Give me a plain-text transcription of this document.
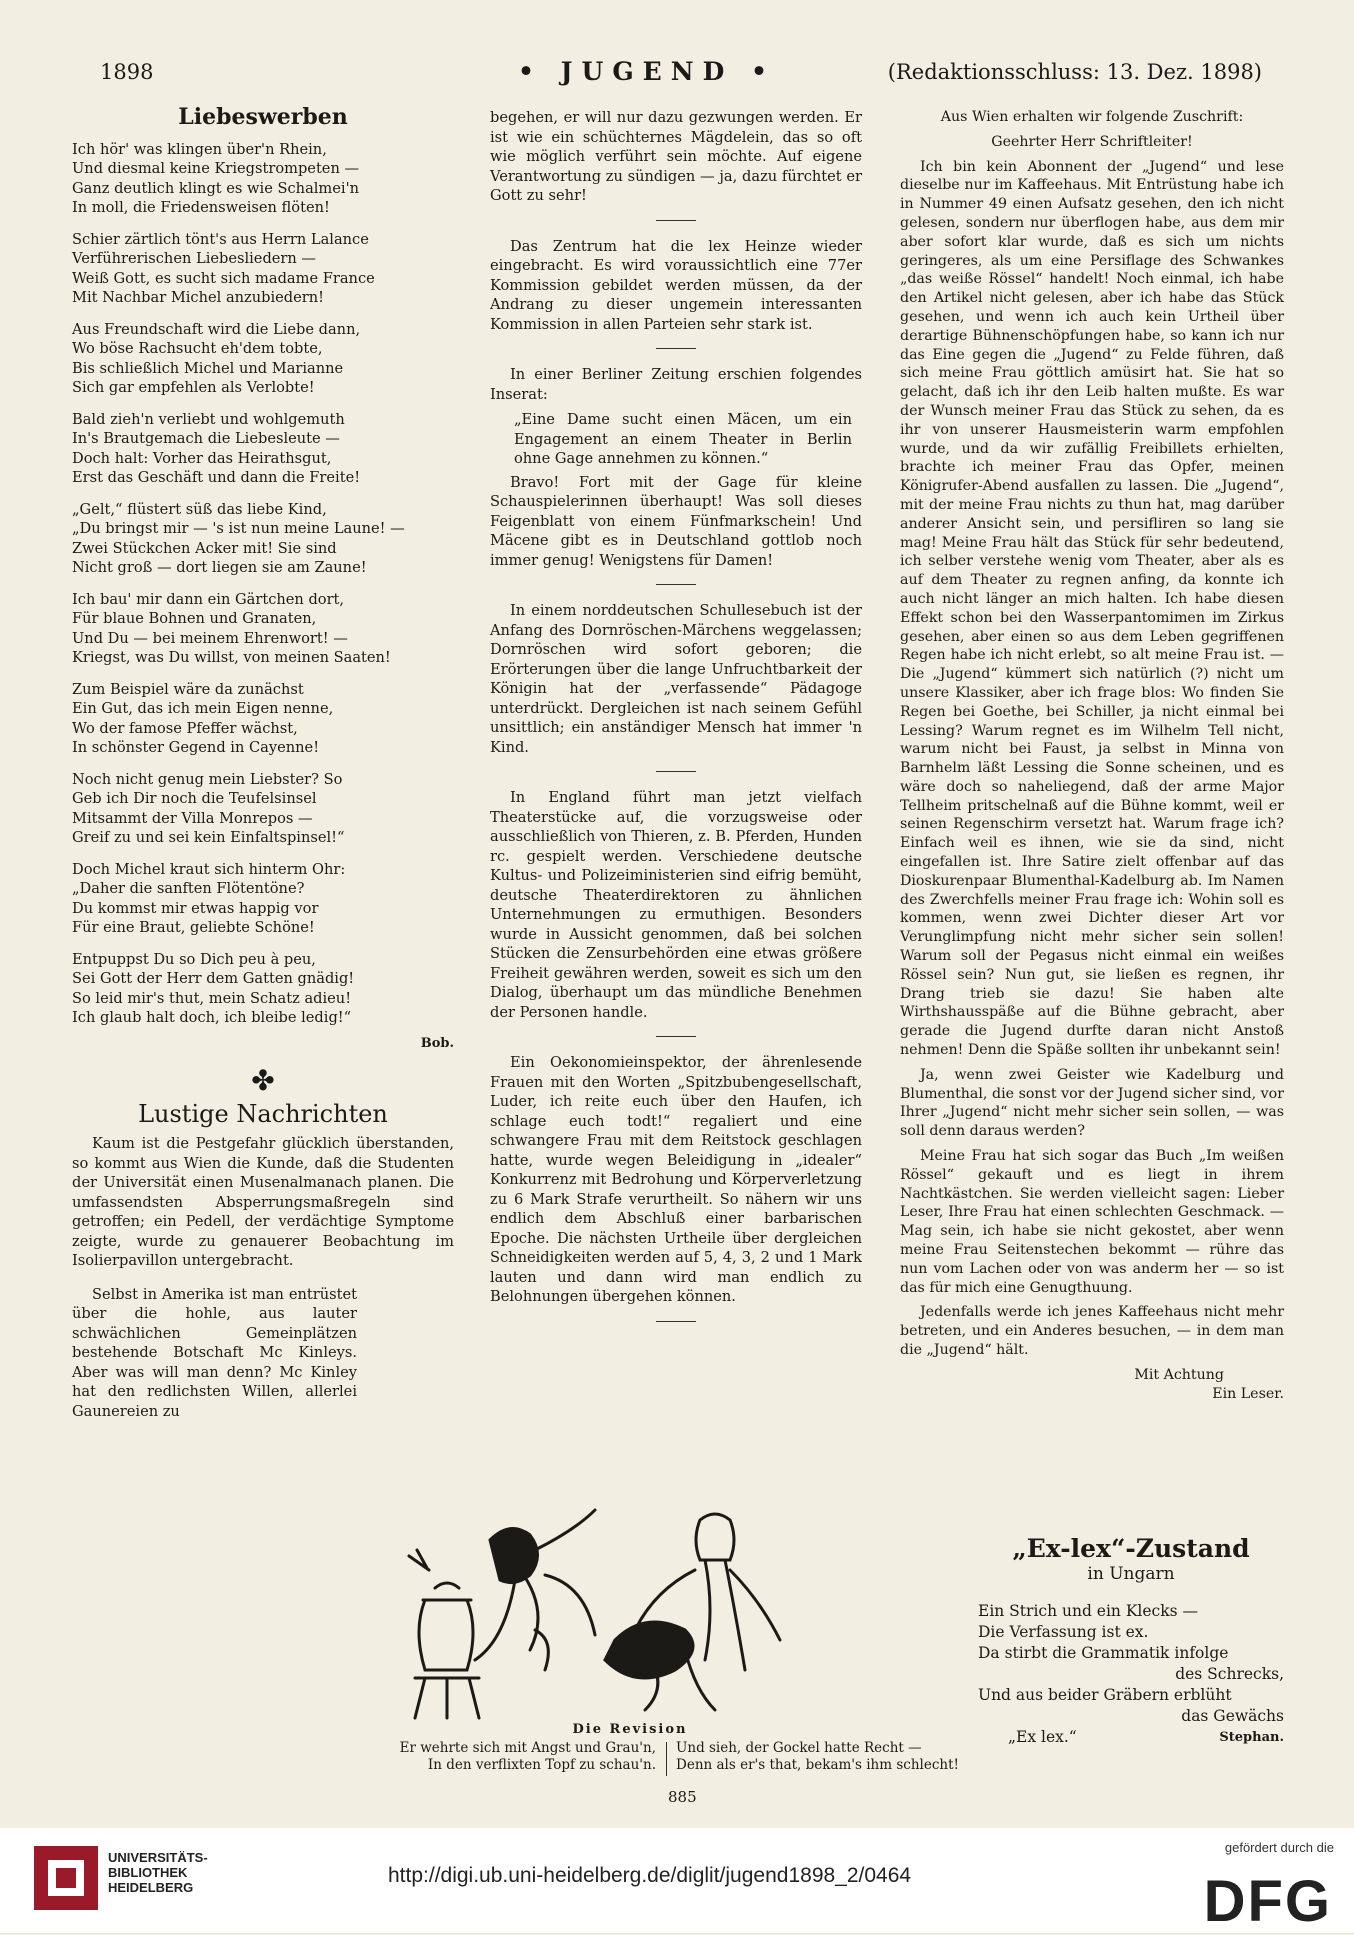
1898	• JUGEND •	(Redaktionsschluss: 13. Dez. 1898)
Liebeswerben
Ich hör' was klingen über'n Rhein,
Und diesmal keine Kriegstrompeten —
Ganz deutlich klingt es wie Schalmei'n
In moll, die Friedensweisen flöten!
Schier zärtlich tönt's aus Herrn Lalance
Verführerischen Liebesliedern —
Weiß Gott, es sucht sich madame France
Mit Nachbar Michel anzubiedern!
Aus Freundschaft wird die Liebe dann,
Wo böse Rachsucht eh'dem tobte,
Bis schließlich Michel und Marianne
Sich gar empfehlen als Verlobte!
Bald zieh'n verliebt und wohlgemuth
In's Brautgemach die Liebesleute —
Doch halt: Vorher das Heirathsgut,
Erst das Geschäft und dann die Freite!
„Gelt,“ flüstert süß das liebe Kind,
„Du bringst mir — 's ist nun meine Laune! —
Zwei Stückchen Acker mit! Sie sind
Nicht groß — dort liegen sie am Zaune!
Ich bau' mir dann ein Gärtchen dort,
Für blaue Bohnen und Granaten,
Und Du — bei meinem Ehrenwort! —
Kriegst, was Du willst, von meinen Saaten!
Zum Beispiel wäre da zunächst
Ein Gut, das ich mein Eigen nenne,
Wo der famose Pfeffer wächst,
In schönster Gegend in Cayenne!
Noch nicht genug mein Liebster? So
Geb ich Dir noch die Teufelsinsel
Mitsammt der Villa Monrepos —
Greif zu und sei kein Einfaltspinsel!“
Doch Michel kraut sich hinterm Ohr:
„Daher die sanften Flötentöne?
Du kommst mir etwas happig vor
Für eine Braut, geliebte Schöne!
Entpuppst Du so Dich peu à peu,
Sei Gott der Herr dem Gatten gnädig!
So leid mir's thut, mein Schatz adieu!
Ich glaub halt doch, ich bleibe ledig!“
Bob.
✤
Lustige Nachrichten

Kaum ist die Pestgefahr glücklich überstanden, so kommt aus Wien die Kunde, daß die Studenten der Universität einen Musenalmanach planen. Die umfassendsten Absperrungsmaßregeln sind getroffen; ein Pedell, der verdächtige Symptome zeigte, wurde zu genauerer Beobachtung im Isolierpavillon untergebracht.

Selbst in Amerika ist man entrüstet über die hohle, aus lauter schwächlichen Gemeinplätzen bestehende Botschaft Mc Kinleys. Aber was will man denn? Mc Kinley hat den redlichsten Willen, allerlei Gaunereien zu

begehen, er will nur dazu gezwungen werden. Er ist wie ein schüchternes Mägdelein, das so oft wie möglich verführt sein möchte. Auf eigene Verantwortung zu sündigen — ja, dazu fürchtet er Gott zu sehr!

Das Zentrum hat die lex Heinze wieder eingebracht. Es wird voraussichtlich eine 77er Kommission gebildet werden müssen, da der Andrang zu dieser ungemein interessanten Kommission in allen Parteien sehr stark ist.

In einer Berliner Zeitung erschien folgendes Inserat:

„Eine Dame sucht einen Mäcen, um ein Engagement an einem Theater in Berlin ohne Gage annehmen zu können.“

Bravo! Fort mit der Gage für kleine Schauspielerinnen überhaupt! Was soll dieses Feigenblatt von einem Fünfmarkschein! Und Mäcene gibt es in Deutschland gottlob noch immer genug! Wenigstens für Damen!

In einem norddeutschen Schullesebuch ist der Anfang des Dornröschen-Märchens weggelassen; Dornröschen wird sofort geboren; die Erörterungen über die lange Unfruchtbarkeit der Königin hat der „verfassende“ Pädagoge unterdrückt. Dergleichen ist nach seinem Gefühl unsittlich; ein anständiger Mensch hat immer 'n Kind.

In England führt man jetzt vielfach Theaterstücke auf, die vorzugsweise oder ausschließlich von Thieren, z. B. Pferden, Hunden rc. gespielt werden. Verschiedene deutsche Kultus- und Polizeiministerien sind eifrig bemüht, deutsche Theaterdirektoren zu ähnlichen Unternehmungen zu ermuthigen. Besonders wurde in Aussicht genommen, daß bei solchen Stücken die Zensurbehörden eine etwas größere Freiheit gewähren werden, soweit es sich um den Dialog, überhaupt um das mündliche Benehmen der Personen handle.

Ein Oekonomieinspektor, der ährenlesende Frauen mit den Worten „Spitzbubengesellschaft, Luder, ich reite euch über den Haufen, ich schlage euch todt!“ regaliert und eine schwangere Frau mit dem Reitstock geschlagen hatte, wurde wegen Beleidigung in „idealer“ Konkurrenz mit Bedrohung und Körperverletzung zu 6 Mark Strafe verurtheilt. So nähern wir uns endlich dem Abschluß einer barbarischen Epoche. Die nächsten Urtheile über dergleichen Schneidigkeiten werden auf 5, 4, 3, 2 und 1 Mark lauten und dann wird man endlich zu Belohnungen übergehen können.

Aus Wien erhalten wir folgende Zuschrift:
Geehrter Herr Schriftleiter!

Ich bin kein Abonnent der „Jugend“ und lese dieselbe nur im Kaffeehaus. Mit Entrüstung habe ich in Nummer 49 einen Aufsatz gesehen, den ich nicht gelesen, sondern nur überflogen habe, aus dem mir aber sofort klar wurde, daß es sich um nichts geringeres, als um eine Persiflage des Schwankes „das weiße Rössel“ handelt! Noch einmal, ich habe den Artikel nicht gelesen, aber ich habe das Stück gesehen, und wenn ich auch kein Urtheil über derartige Bühnenschöpfungen habe, so kann ich nur das Eine gegen die „Jugend“ zu Felde führen, daß sich meine Frau göttlich amüsirt hat. Sie hat so gelacht, daß ich ihr den Leib halten mußte. Es war der Wunsch meiner Frau das Stück zu sehen, da es ihr von unserer Hausmeisterin warm empfohlen wurde, und da wir zufällig Freibillets erhielten, brachte ich meiner Frau das Opfer, meinen Königrufer-Abend ausfallen zu lassen. Die „Jugend“, mit der meine Frau nichts zu thun hat, mag darüber anderer Ansicht sein, und persifliren so lang sie mag! Meine Frau hält das Stück für sehr bedeutend, ich selber verstehe wenig vom Theater, aber als es auf dem Theater zu regnen anfing, da konnte ich auch nicht länger an mich halten. Ich habe diesen Effekt schon bei den Wasserpantomimen im Zirkus gesehen, aber einen so aus dem Leben gegriffenen Regen habe ich nicht erlebt, so alt meine Frau ist. — Die „Jugend“ kümmert sich natürlich (?) nicht um unsere Klassiker, aber ich frage blos: Wo finden Sie Regen bei Goethe, bei Schiller, ja nicht einmal bei Lessing? Warum regnet es im Wilhelm Tell nicht, warum nicht bei Faust, ja selbst in Minna von Barnhelm läßt Lessing die Sonne scheinen, und es wäre doch so naheliegend, daß der arme Major Tellheim pritschelnaß auf die Bühne kommt, weil er seinen Regenschirm versetzt hat. Warum frage ich? Einfach weil es ihnen, wie sie da sind, nicht eingefallen ist. Ihre Satire zielt offenbar auf das Dioskurenpaar Blumenthal-Kadelburg ab. Im Namen des Zwerchfells meiner Frau frage ich: Wohin soll es kommen, wenn zwei Dichter dieser Art vor Verunglimpfung nicht mehr sicher sein sollen! Warum soll der Pegasus nicht einmal ein weißes Rössel sein? Nun gut, sie ließen es regnen, ihr Drang trieb sie dazu! Sie haben alte Wirthshausspäße auf die Bühne gebracht, aber gerade die Jugend durfte daran nicht Anstoß nehmen! Denn die Späße sollten ihr unbekannt sein!

Ja, wenn zwei Geister wie Kadelburg und Blumenthal, die sonst vor der Jugend sicher sind, vor Ihrer „Jugend“ nicht mehr sicher sein sollen, — was soll denn daraus werden?

Meine Frau hat sich sogar das Buch „Im weißen Rössel“ gekauft und es liegt in ihrem Nachtkästchen. Sie werden vielleicht sagen: Lieber Leser, Ihre Frau hat einen schlechten Geschmack. — Mag sein, ich habe sie nicht gekostet, aber wenn meine Frau Seitenstechen bekommt — rühre das nun vom Lachen oder von was anderm her — so ist das für mich eine Genugthuung.

Jedenfalls werde ich jenes Kaffeehaus nicht mehr betreten, und ein Anderes besuchen, — in dem man die „Jugend“ hält.

Mit Achtung
Ein Leser.
Die Revision
Er wehrte sich mit Angst und Grau'n,
In den verflixten Topf zu schau'n.
Und sieh, der Gockel hatte Recht —
Denn als er's that, bekam's ihm schlecht!
„Ex-lex“-Zustand
in Ungarn
Ein Strich und ein Klecks —
Die Verfassung ist ex.
Da stirbt die Grammatik infolge
des Schrecks,
Und aus beider Gräbern erblüht
das Gewächs
„Ex lex.“	Stephan.
885
UNIVERSITÄTS-
BIBLIOTHEK
HEIDELBERG
http://digi.ub.uni-heidelberg.de/diglit/jugend1898_2/0464
gefördert durch die
DFG
